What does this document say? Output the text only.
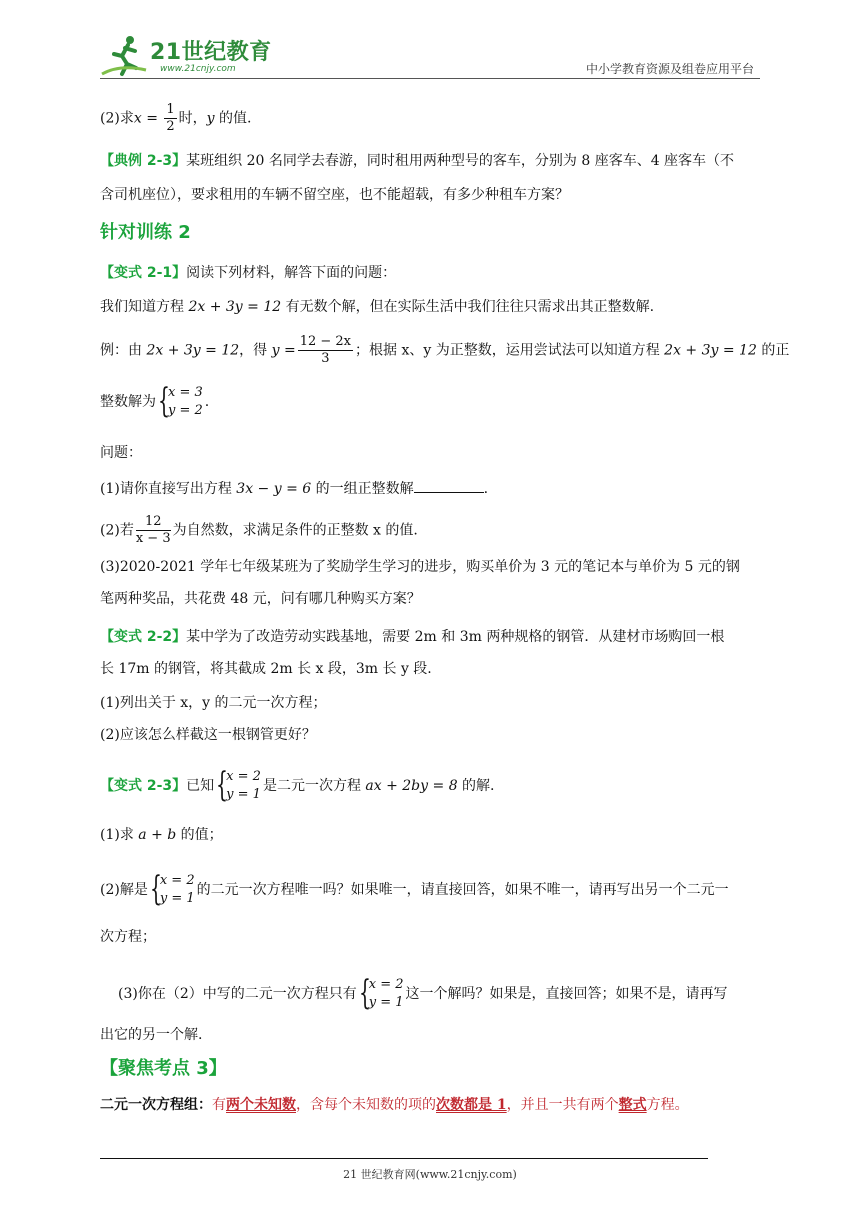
21世纪教育
www.21cnjy.com	中小学教育资源及组卷应用平台
(2)求$x = \frac{1}{2}$ 时，y 的值.
【典例 2-3】某班组织 20 名同学去春游，同时租用两种型号的客车，分别为 8 座客车、4 座客车（不
含司机座位），要求租用的车辆不留空座，也不能超载，有多少种租车方案？
针对训练 2
【变式 2-1】阅读下列材料，解答下面的问题：
我们知道方程 2x + 3y = 12 有无数个解，但在实际生活中我们往往只需求出其正整数解.
例：由 2x + 3y = 12，得 $y = \frac{12 - 2x}{3}$ ；根据 x、y 为正整数，运用尝试法可以知道方程 2x + 3y = 12 的正
整数解为 {
x = 3
y = 2
.
问题：
(1)请你直接写出方程 3x − y = 6 的一组正整数解	.
(2)若 $\frac{12}{x - 3}$ 为自然数，求满足条件的正整数 x 的值.
(3)2020-2021 学年七年级某班为了奖励学生学习的进步，购买单价为 3 元的笔记本与单价为 5 元的钢
笔两种奖品，共花费 48 元，问有哪几种购买方案？
【变式 2-2】某中学为了改造劳动实践基地，需要 2m 和 3m 两种规格的钢管．从建材市场购回一根
长 17m 的钢管，将其截成 2m 长 x 段，3m 长 y 段.
(1)列出关于 x，y 的二元一次方程；
(2)应该怎么样截这一根钢管更好？
【变式 2-3】已知 {
x = 2
y = 1
是二元一次方程 ax + 2by = 8 的解.
(1)求 a + b 的值；
(2)解是 {
x = 2
y = 1
的二元一次方程唯一吗？如果唯一，请直接回答，如果不唯一，请再写出另一个二元一
次方程；
(3)你在（2）中写的二元一次方程只有 {
x = 2
y = 1
这一个解吗？如果是，直接回答；如果不是，请再写
出它的另一个解.
【聚焦考点 3】
二元一次方程组：有两个未知数，含每个未知数的项的次数都是 1，并且一共有两个整式方程。
21 世纪教育网(www.21cnjy.com)
